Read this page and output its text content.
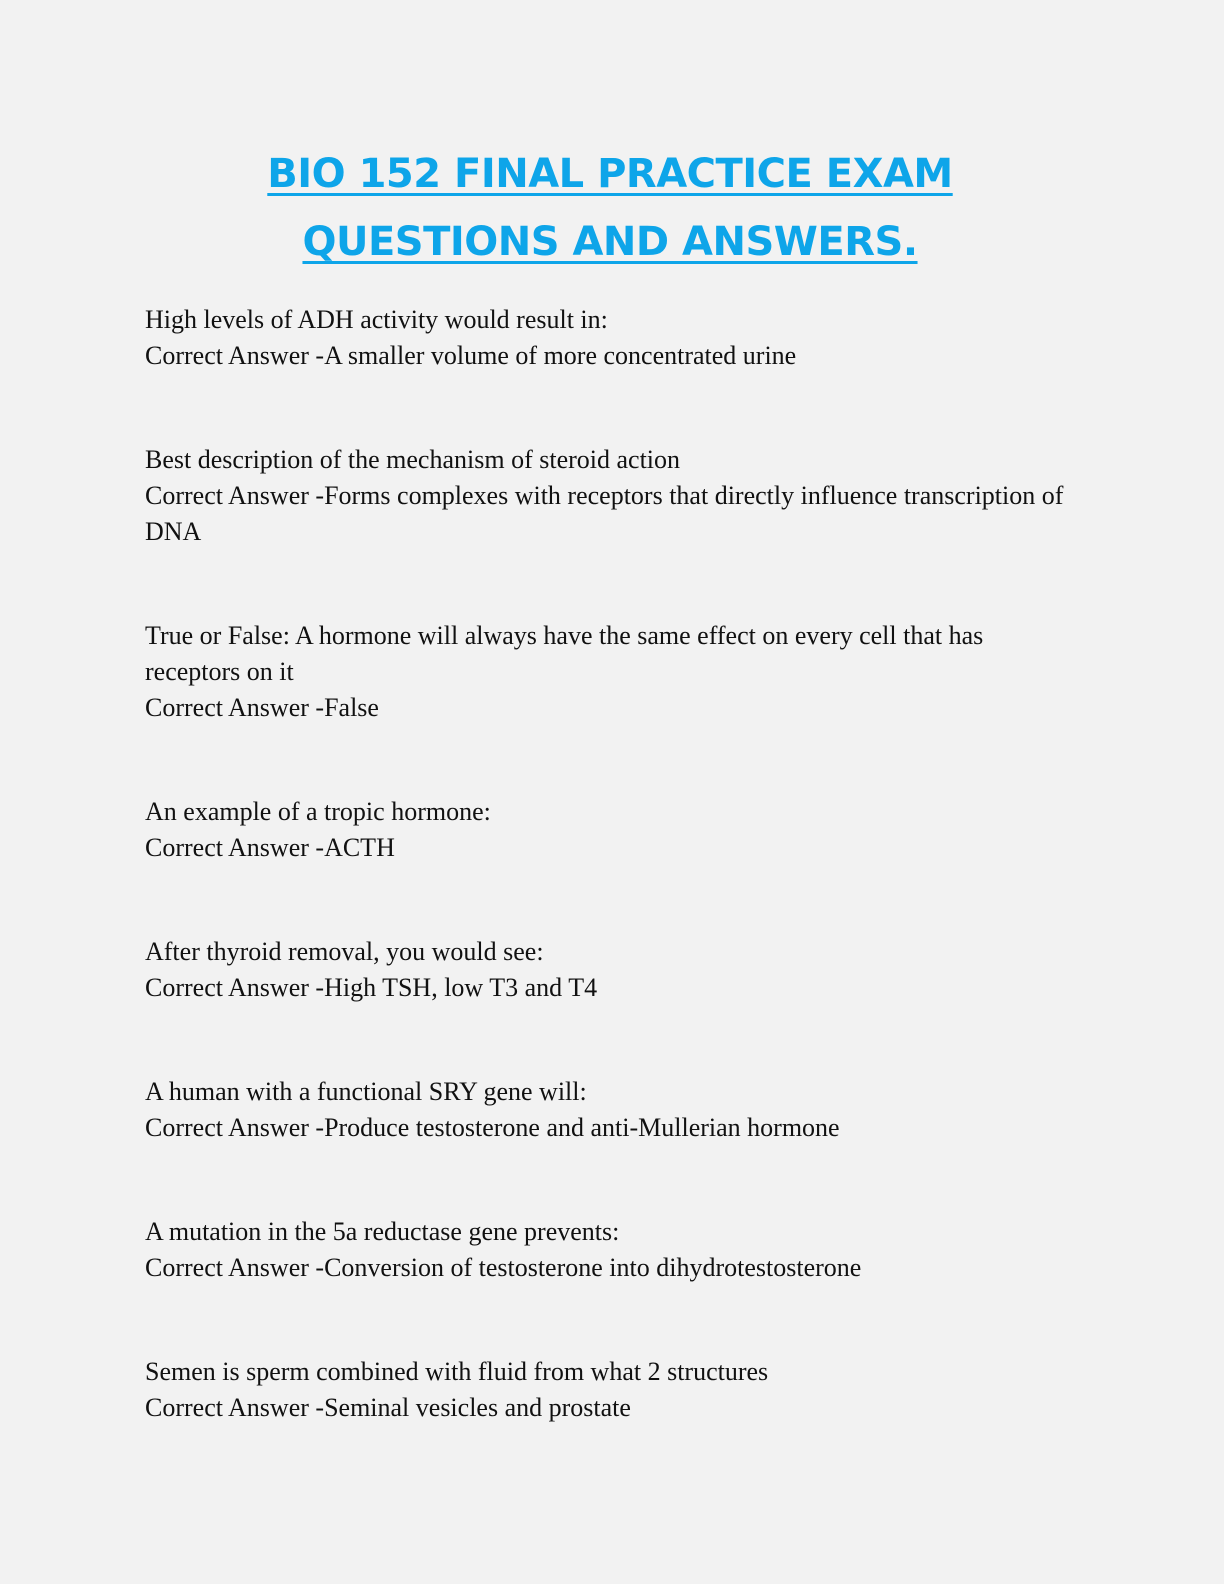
BIO 152 FINAL PRACTICE EXAM QUESTIONS AND ANSWERS.
High levels of ADH activity would result in:
Correct Answer -A smaller volume of more concentrated urine
Best description of the mechanism of steroid action
Correct Answer -Forms complexes with receptors that directly influence transcription of DNA
True or False: A hormone will always have the same effect on every cell that has receptors on it
Correct Answer -False
An example of a tropic hormone:
Correct Answer -ACTH
After thyroid removal, you would see:
Correct Answer -High TSH, low T3 and T4
A human with a functional SRY gene will:
Correct Answer -Produce testosterone and anti-Mullerian hormone
A mutation in the 5a reductase gene prevents:
Correct Answer -Conversion of testosterone into dihydrotestosterone
Semen is sperm combined with fluid from what 2 structures
Correct Answer -Seminal vesicles and prostate
